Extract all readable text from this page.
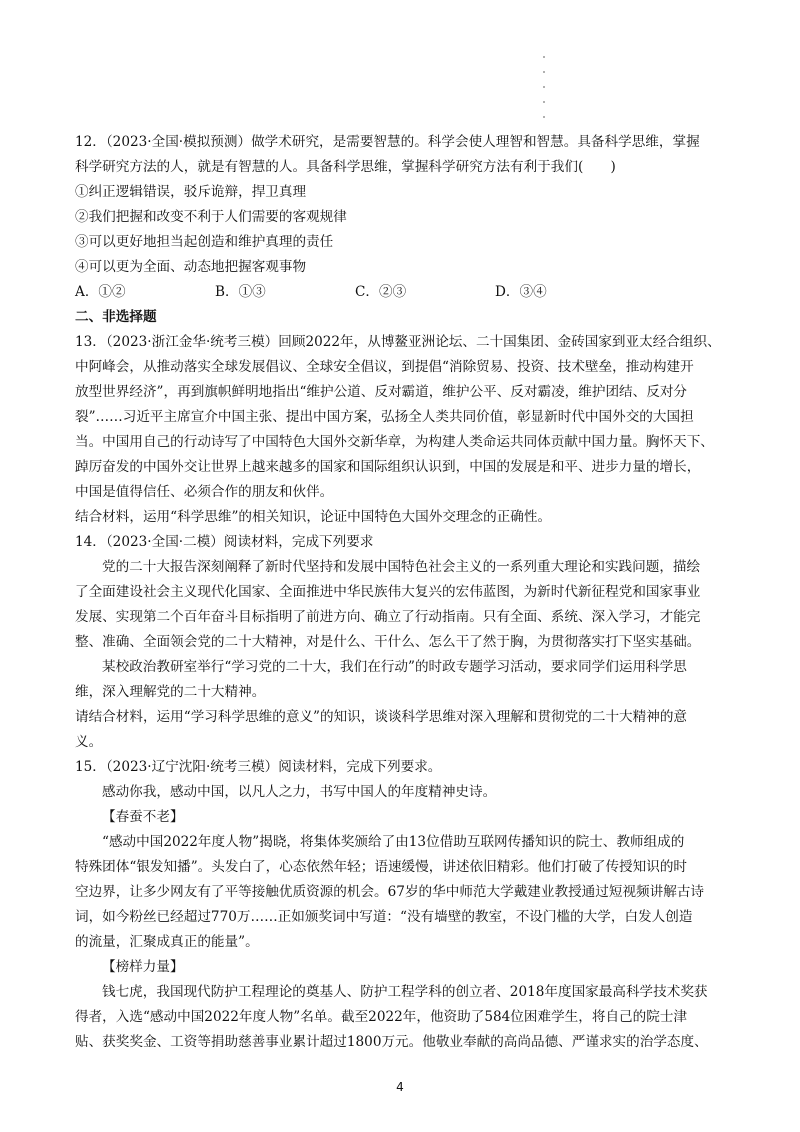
12．（2023·全国·模拟预测）做学术研究，是需要智慧的。科学会使人理智和智慧。具备科学思维，掌握

科学研究方法的人，就是有智慧的人。具备科学思维，掌握科学研究方法有利于我们(　　)

①纠正逻辑错误，驳斥诡辩，捍卫真理

②我们把握和改变不利于人们需要的客观规律

③可以更好地担当起创造和维护真理的责任

④可以更为全面、动态地把握客观事物

A．①②	B．①③	C．②③	D．③④

二、非选择题

13．（2023·浙江金华·统考三模）回顾2022年，从博鳌亚洲论坛、二十国集团、金砖国家到亚太经合组织、

中阿峰会，从推动落实全球发展倡议、全球安全倡议，到提倡“消除贸易、投资、技术壁垒，推动构建开

放型世界经济”，再到旗帜鲜明地指出“维护公道、反对霸道，维护公平、反对霸凌，维护团结、反对分

裂”……习近平主席宣介中国主张、提出中国方案，弘扬全人类共同价值，彰显新时代中国外交的大国担

当。中国用自己的行动诗写了中国特色大国外交新华章，为构建人类命运共同体贡献中国力量。胸怀天下、

踔厉奋发的中国外交让世界上越来越多的国家和国际组织认识到，中国的发展是和平、进步力量的增长，

中国是值得信任、必须合作的朋友和伙伴。

结合材料，运用“科学思维”的相关知识，论证中国特色大国外交理念的正确性。

14．（2023·全国·二模）阅读材料，完成下列要求

党的二十大报告深刻阐释了新时代坚持和发展中国特色社会主义的一系列重大理论和实践问题，描绘

了全面建设社会主义现代化国家、全面推进中华民族伟大复兴的宏伟蓝图，为新时代新征程党和国家事业

发展、实现第二个百年奋斗目标指明了前进方向、确立了行动指南。只有全面、系统、深入学习，才能完

整、准确、全面领会党的二十大精神，对是什么、干什么、怎么干了然于胸，为贯彻落实打下坚实基础。

某校政治教研室举行“学习党的二十大，我们在行动”的时政专题学习活动，要求同学们运用科学思

维，深入理解党的二十大精神。

请结合材料，运用“学习科学思维的意义”的知识，谈谈科学思维对深入理解和贯彻党的二十大精神的意

义。

15．（2023·辽宁沈阳·统考三模）阅读材料，完成下列要求。

感动你我，感动中国，以凡人之力，书写中国人的年度精神史诗。

【春蚕不老】

“感动中国2022年度人物”揭晓，将集体奖颁给了由13位借助互联网传播知识的院士、教师组成的

特殊团体“银发知播”。头发白了，心态依然年轻；语速缓慢，讲述依旧精彩。他们打破了传授知识的时

空边界，让多少网友有了平等接触优质资源的机会。67岁的华中师范大学戴建业教授通过短视频讲解古诗

词，如今粉丝已经超过770万……正如颁奖词中写道：“没有墙壁的教室，不设门槛的大学，白发人创造

的流量，汇聚成真正的能量”。

【榜样力量】

钱七虎，我国现代防护工程理论的奠基人、防护工程学科的创立者、2018年度国家最高科学技术奖获

得者，入选“感动中国2022年度人物”名单。截至2022年，他资助了584位困难学生，将自己的院士津

贴、获奖奖金、工资等捐助慈善事业累计超过1800万元。他敬业奉献的高尚品德、严谨求实的治学态度、

4
